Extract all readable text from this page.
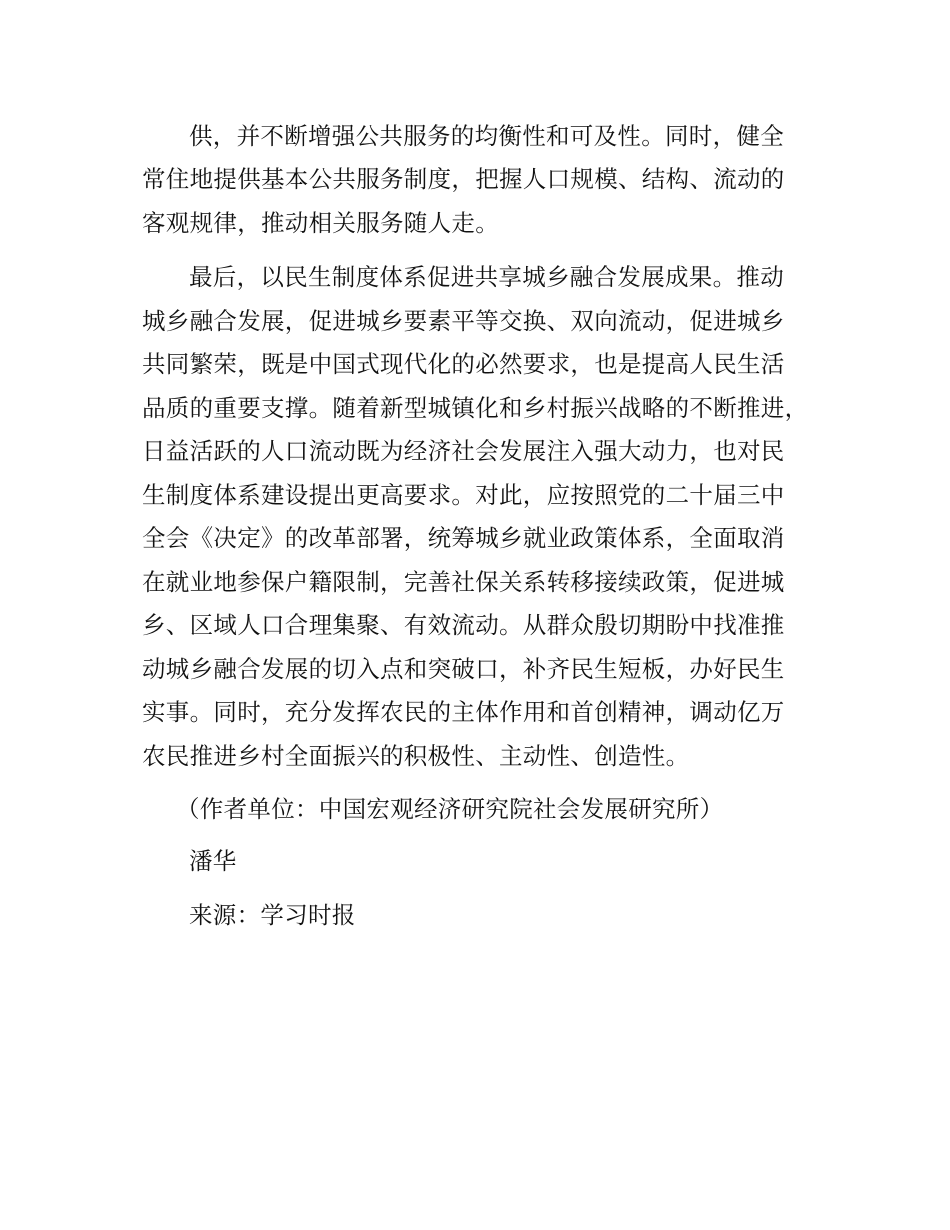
供，并不断增强公共服务的均衡性和可及性。同时，健全
常住地提供基本公共服务制度，把握人口规模、结构、流动的
客观规律，推动相关服务随人走。
最后，以民生制度体系促进共享城乡融合发展成果。推动
城乡融合发展，促进城乡要素平等交换、双向流动，促进城乡
共同繁荣，既是中国式现代化的必然要求，也是提高人民生活
品质的重要支撑。随着新型城镇化和乡村振兴战略的不断推进，
日益活跃的人口流动既为经济社会发展注入强大动力，也对民
生制度体系建设提出更高要求。对此，应按照党的二十届三中
全会《决定》的改革部署，统筹城乡就业政策体系，全面取消
在就业地参保户籍限制，完善社保关系转移接续政策，促进城
乡、区域人口合理集聚、有效流动。从群众殷切期盼中找准推
动城乡融合发展的切入点和突破口，补齐民生短板，办好民生
实事。同时，充分发挥农民的主体作用和首创精神，调动亿万
农民推进乡村全面振兴的积极性、主动性、创造性。
（作者单位：中国宏观经济研究院社会发展研究所）
潘华
来源：学习时报
